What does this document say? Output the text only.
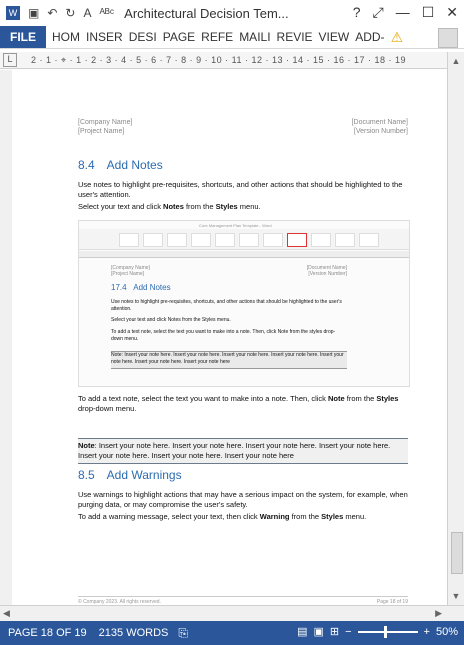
W ▣ ↶ ↻ A ᴬᴮᶜ Architectural Decision Tem...	? ⤢ — ☐ ✕
FILE	HOM INSER DESI PAGE REFE MAILI REVIE VIEW ADD- ⚠
L	2 · 1 · ⌖ · 1 · 2 · 3 · 4 · 5 · 6 · 7 · 8 · 9 · 10 · 11 · 12 · 13 · 14 · 15 · 16 · 17 · 18 · 19
[Company Name]
[Project Name]
[Document Name]
[Version Number]
8.4 Add Notes
Use notes to highlight pre-requisites, shortcuts, and other actions that should be highlighted to the user's attention.
Select your text and click Notes from the Styles menu.
Core Management Plan Template - Word
[Company Name]
[Project Name]
[Document Name]
[Version Number]
17.4 Add Notes
Use notes to highlight pre-requisites, shortcuts, and other actions that should be highlighted to the user's attention.
Select your text and click Notes from the Styles menu.
To add a text note, select the text you want to make into a note. Then, click Note from the styles drop-down menu.
Note: Insert your note here. Insert your note here. Insert your note here. Insert your note here. Insert your note here. Insert your note here. Insert your note here
To add a text note, select the text you want to make into a note. Then, click Note from the Styles drop-down menu.
Note: Insert your note here. Insert your note here. Insert your note here. Insert your note here. Insert your note here. Insert your note here. Insert your note here
8.5 Add Warnings
Use warnings to highlight actions that may have a serious impact on the system, for example, when purging data, or may compromise the user's safety.
To add a warning message, select your text, then click Warning from the Styles menu.
© Company 2023. All rights reserved.	Page 18 of 19
▲
▼
◀	▶
PAGE 18 OF 19 2135 WORDS ⎘	▤ ▣ ⊞ −	+ 50%
